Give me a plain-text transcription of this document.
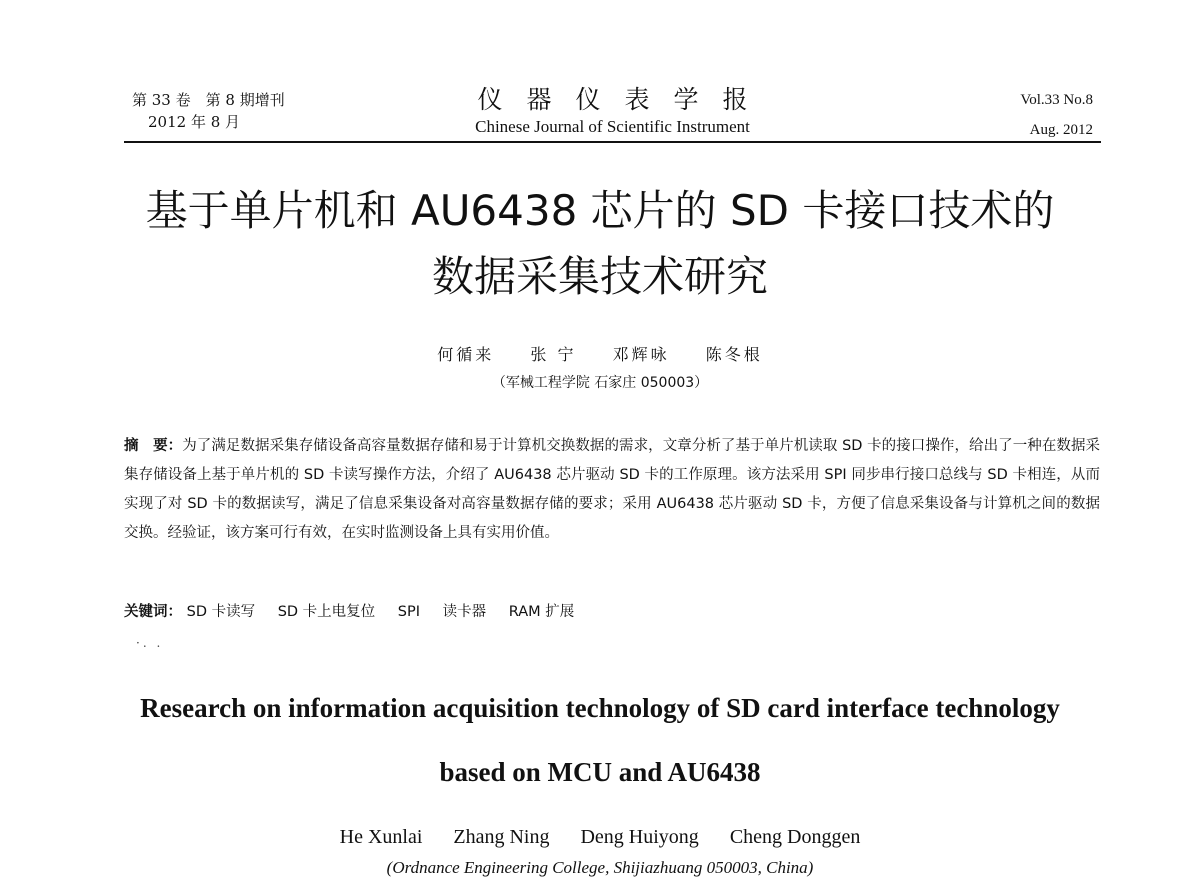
第 33 卷　第 8 期增刊
2012 年 8 月
仪器仪表学报
Chinese Journal of Scientific Instrument
Vol.33 No.8
Aug. 2012
基于单片机和 AU6438 芯片的 SD 卡接口技术的
数据采集技术研究
何循来 张 宁 邓辉咏 陈冬根
（军械工程学院 石家庄 050003）
摘　要：为了满足数据采集存储设备高容量数据存储和易于计算机交换数据的需求，文章分析了基于单片机读取 SD 卡的接口操作，给出了一种在数据采集存储设备上基于单片机的 SD 卡读写操作方法，介绍了 AU6438 芯片驱动 SD 卡的工作原理。该方法采用 SPI 同步串行接口总线与 SD 卡相连，从而实现了对 SD 卡的数据读写，满足了信息采集设备对高容量数据存储的要求；采用 AU6438 芯片驱动 SD 卡，方便了信息采集设备与计算机之间的数据交换。经验证，该方案可行有效，在实时监测设备上具有实用价值。
关键词： SD 卡读写 SD 卡上电复位 SPI 读卡器 RAM 扩展
·. .
Research on information acquisition technology of SD card interface technology
based on MCU and AU6438
He Xunlai Zhang Ning Deng Huiyong Cheng Donggen
(Ordnance Engineering College, Shijiazhuang 050003, China)
